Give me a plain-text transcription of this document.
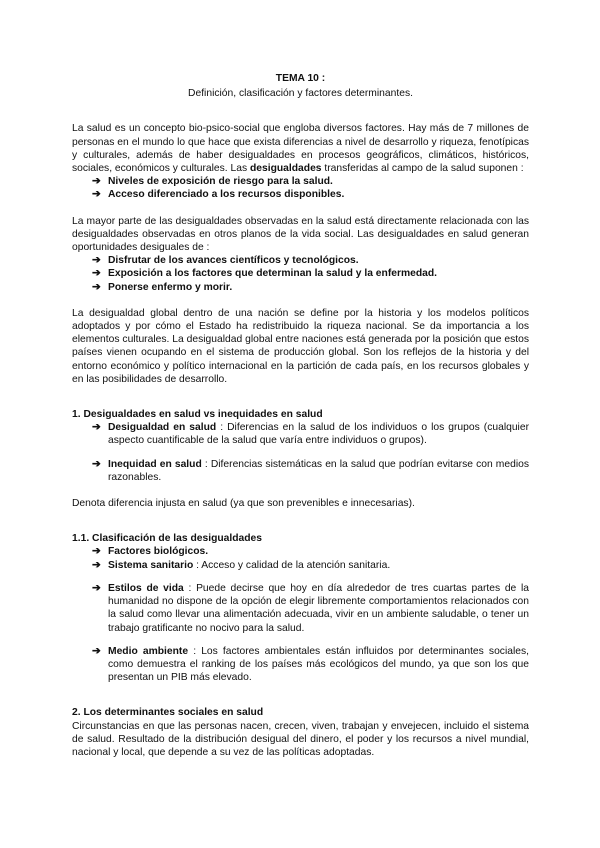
TEMA 10 :

Definición, clasificación y factores determinantes.

La salud es un concepto bio-psico-social que engloba diversos factores. Hay más de 7 millones de personas en el mundo lo que hace que exista diferencias a nivel de desarrollo y riqueza, fenotípicas y culturales, además de haber desigualdades en procesos geográficos, climáticos, históricos, sociales, económicos y culturales. Las desigualdades transferidas al campo de la salud suponen :

➔ Niveles de exposición de riesgo para la salud.
➔ Acceso diferenciado a los recursos disponibles.

La mayor parte de las desigualdades observadas en la salud está directamente relacionada con las desigualdades observadas en otros planos de la vida social. Las desigualdades en salud generan oportunidades desiguales de :

➔ Disfrutar de los avances científicos y tecnológicos.
➔ Exposición a los factores que determinan la salud y la enfermedad.
➔ Ponerse enfermo y morir.

La desigualdad global dentro de una nación se define por la historia y los modelos políticos adoptados y por cómo el Estado ha redistribuido la riqueza nacional. Se da importancia a los elementos culturales. La desigualdad global entre naciones está generada por la posición que estos países vienen ocupando en el sistema de producción global. Son los reflejos de la historia y del entorno económico y político internacional en la partición de cada país, en los recursos globales y en las posibilidades de desarrollo.

1. Desigualdades en salud vs inequidades en salud
➔ Desigualdad en salud : Diferencias en la salud de los individuos o los grupos (cualquier aspecto cuantificable de la salud que varía entre individuos o grupos).
➔ Inequidad en salud : Diferencias sistemáticas en la salud que podrían evitarse con medios razonables.

Denota diferencia injusta en salud (ya que son prevenibles e innecesarias).

1.1. Clasificación de las desigualdades
➔ Factores biológicos.
➔ Sistema sanitario : Acceso y calidad de la atención sanitaria.
➔ Estilos de vida : Puede decirse que hoy en día alrededor de tres cuartas partes de la humanidad no dispone de la opción de elegir libremente comportamientos relacionados con la salud como llevar una alimentación adecuada, vivir en un ambiente saludable, o tener un trabajo gratificante no nocivo para la salud.
➔ Medio ambiente : Los factores ambientales están influidos por determinantes sociales, como demuestra el ranking de los países más ecológicos del mundo, ya que son los que presentan un PIB más elevado.
2. Los determinantes sociales en salud

Circunstancias en que las personas nacen, crecen, viven, trabajan y envejecen, incluido el sistema de salud. Resultado de la distribución desigual del dinero, el poder y los recursos a nivel mundial, nacional y local, que depende a su vez de las políticas adoptadas.
